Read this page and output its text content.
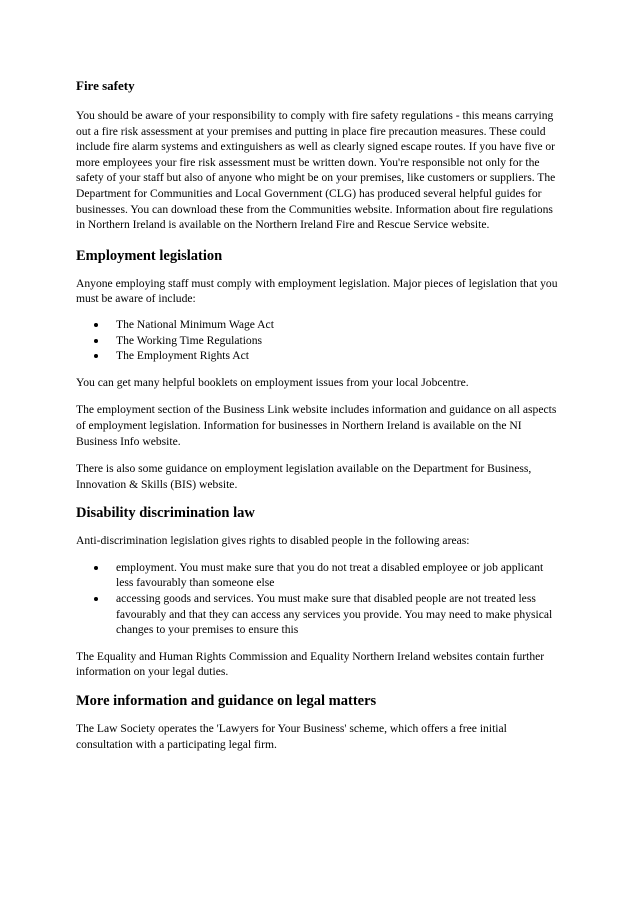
Fire safety

You should be aware of your responsibility to comply with fire safety regulations - this means carrying out a fire risk assessment at your premises and putting in place fire precaution measures. These could include fire alarm systems and extinguishers as well as clearly signed escape routes. If you have five or more employees your fire risk assessment must be written down. You're responsible not only for the safety of your staff but also of anyone who might be on your premises, like customers or suppliers. The Department for Communities and Local Government (CLG) has produced several helpful guides for businesses. You can download these from the Communities website. Information about fire regulations in Northern Ireland is available on the Northern Ireland Fire and Rescue Service website.

Employment legislation

Anyone employing staff must comply with employment legislation. Major pieces of legislation that you must be aware of include:

The National Minimum Wage Act
The Working Time Regulations
The Employment Rights Act

You can get many helpful booklets on employment issues from your local Jobcentre.

The employment section of the Business Link website includes information and guidance on all aspects of employment legislation. Information for businesses in Northern Ireland is available on the NI Business Info website.

There is also some guidance on employment legislation available on the Department for Business, Innovation & Skills (BIS) website.

Disability discrimination law

Anti-discrimination legislation gives rights to disabled people in the following areas:

employment. You must make sure that you do not treat a disabled employee or job applicant less favourably than someone else
accessing goods and services. You must make sure that disabled people are not treated less favourably and that they can access any services you provide. You may need to make physical changes to your premises to ensure this

The Equality and Human Rights Commission and Equality Northern Ireland websites contain further information on your legal duties.

More information and guidance on legal matters

The Law Society operates the 'Lawyers for Your Business' scheme, which offers a free initial consultation with a participating legal firm.
